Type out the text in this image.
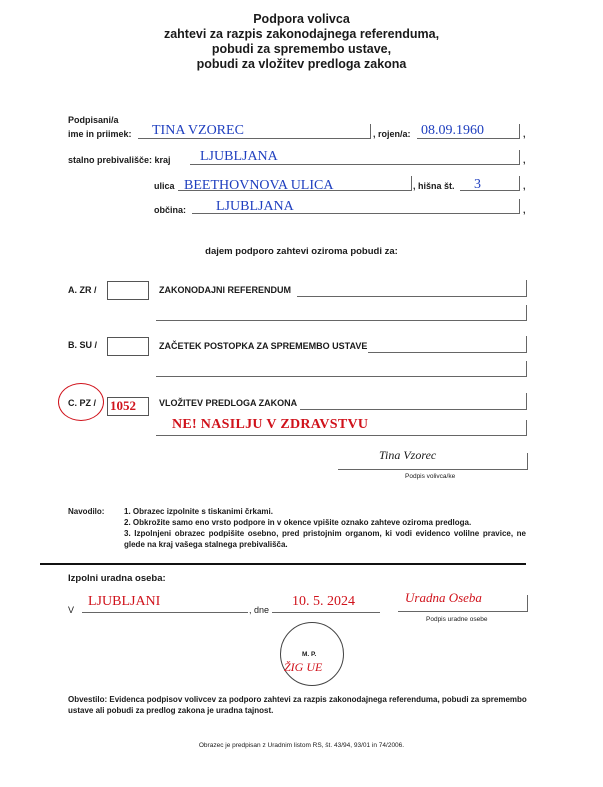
Podpora volivca
zahtevi za razpis zakonodajnega referenduma,
pobudi za spremembo ustave,
pobudi za vložitev predloga zakona
Podpisani/a
ime in priimek: TINA VZOREC	, rojen/a: 08.09.1960	,
stalno prebivališče: kraj LJUBLJANA	,
ulica BEETHOVNOVA ULICA	, hišna št. 3	,
občina: LJUBLJANA	,
dajem podporo zahtevi oziroma pobudi za:
A. ZR /	ZAKONODAJNI REFERENDUM
B. SU /	ZAČETEK POSTOPKA ZA SPREMEMBO USTAVE
C. PZ / 1052	VLOŽITEV PREDLOGA ZAKONA
NE! NASILJU V ZDRAVSTVU
Tina Vzorec
Podpis volivca/ke
Navodilo: 1. Obrazec izpolnite s tiskanimi črkami.
2. Obkrožite samo eno vrsto podpore in v okence vpišite oznako zahteve oziroma predloga.
3. Izpolnjeni obrazec podpišite osebno, pred pristojnim organom, ki vodi evidenco volilne pravice, ne glede na kraj vašega stalnega prebivališča.
Izpolni uradna oseba:
V
LJUBLJANI
, dne
10. 5. 2024	Uradna Oseba
Podpis uradne osebe
M. P.
ŽIG UE
Obvestilo: Evidenca podpisov volivcev za podporo zahtevi za razpis zakonodajnega referenduma, pobudi za spremembo ustave ali pobudi za predlog zakona je uradna tajnost.
Obrazec je predpisan z Uradnim listom RS, št. 43/94, 93/01 in 74/2006.
